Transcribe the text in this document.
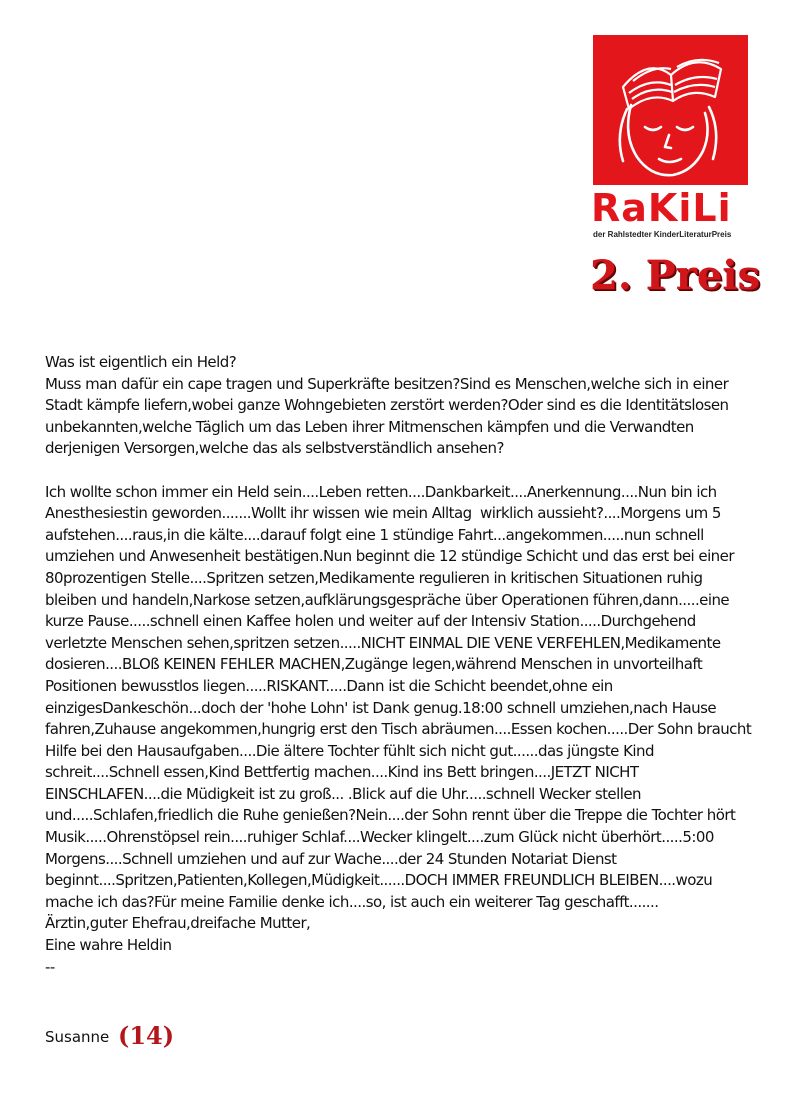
RaKiLi
der Rahlstedter KinderLiteraturPreis
2. Preis

Was ist eigentlich ein Held?

Muss man dafür ein cape tragen und Superkräfte besitzen?Sind es Menschen,welche sich in einer

Stadt kämpfe liefern,wobei ganze Wohngebieten zerstört werden?Oder sind es die Identitätslosen

unbekannten,welche Täglich um das Leben ihrer Mitmenschen kämpfen und die Verwandten

derjenigen Versorgen,welche das als selbstverständlich ansehen?

Ich wollte schon immer ein Held sein....Leben retten....Dankbarkeit....Anerkennung....Nun bin ich

Anesthesiestin geworden.......Wollt ihr wissen wie mein Alltag  wirklich aussieht?....Morgens um 5

aufstehen....raus,in die kälte....darauf folgt eine 1 stündige Fahrt...angekommen.....nun schnell

umziehen und Anwesenheit bestätigen.Nun beginnt die 12 stündige Schicht und das erst bei einer

80prozentigen Stelle....Spritzen setzen,Medikamente regulieren in kritischen Situationen ruhig

bleiben und handeln,Narkose setzen,aufklärungsgespräche über Operationen führen,dann.....eine

kurze Pause.....schnell einen Kaffee holen und weiter auf der Intensiv Station.....Durchgehend

verletzte Menschen sehen,spritzen setzen.....NICHT EINMAL DIE VENE VERFEHLEN,Medikamente

dosieren....BLOß KEINEN FEHLER MACHEN,Zugänge legen,während Menschen in unvorteilhaft

Positionen bewusstlos liegen.....RISKANT.....Dann ist die Schicht beendet,ohne ein

einzigesDankeschön...doch der 'hohe Lohn' ist Dank genug.18:00 schnell umziehen,nach Hause

fahren,Zuhause angekommen,hungrig erst den Tisch abräumen....Essen kochen.....Der Sohn braucht

Hilfe bei den Hausaufgaben....Die ältere Tochter fühlt sich nicht gut......das jüngste Kind

schreit....Schnell essen,Kind Bettfertig machen....Kind ins Bett bringen....JETZT NICHT

EINSCHLAFEN....die Müdigkeit ist zu groß... .Blick auf die Uhr.....schnell Wecker stellen

und.....Schlafen,friedlich die Ruhe genießen?Nein....der Sohn rennt über die Treppe die Tochter hört

Musik.....Ohrenstöpsel rein....ruhiger Schlaf....Wecker klingelt....zum Glück nicht überhört.....5:00

Morgens....Schnell umziehen und auf zur Wache....der 24 Stunden Notariat Dienst

beginnt....Spritzen,Patienten,Kollegen,Müdigkeit......DOCH IMMER FREUNDLICH BLEIBEN....wozu

mache ich das?Für meine Familie denke ich....so, ist auch ein weiterer Tag geschafft.......

Ärztin,guter Ehefrau,dreifache Mutter,

Eine wahre Heldin

--

Susanne (14)
